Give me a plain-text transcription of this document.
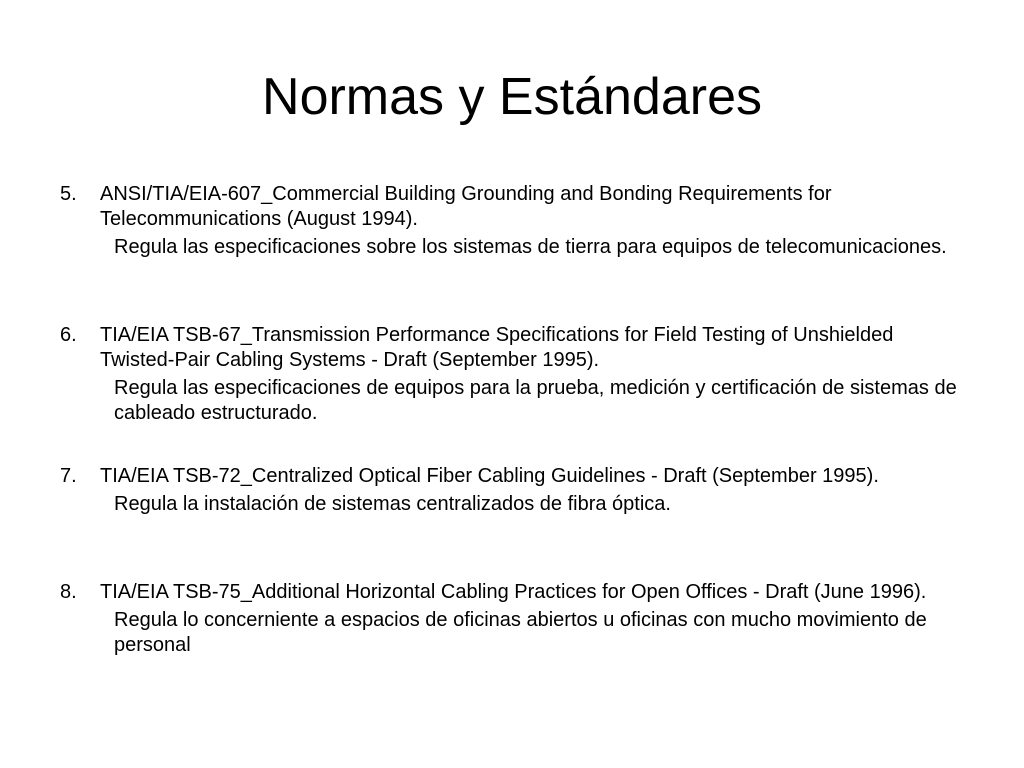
Normas y Estándares
5. ANSI/TIA/EIA-607_Commercial Building Grounding and Bonding Requirements for Telecommunications (August 1994).
Regula las especificaciones sobre los sistemas de tierra para equipos de telecomunicaciones.
6. TIA/EIA TSB-67_Transmission Performance Specifications for Field Testing of Unshielded Twisted-Pair Cabling Systems - Draft (September 1995).
Regula las especificaciones de equipos para la prueba, medición y certificación de sistemas de cableado estructurado.
7. TIA/EIA TSB-72_Centralized Optical Fiber Cabling Guidelines - Draft (September 1995).
Regula la instalación de sistemas centralizados de fibra óptica.
8. TIA/EIA TSB-75_Additional Horizontal Cabling Practices for Open Offices - Draft (June 1996).
Regula lo concerniente a espacios de oficinas abiertos u oficinas con mucho movimiento de personal
